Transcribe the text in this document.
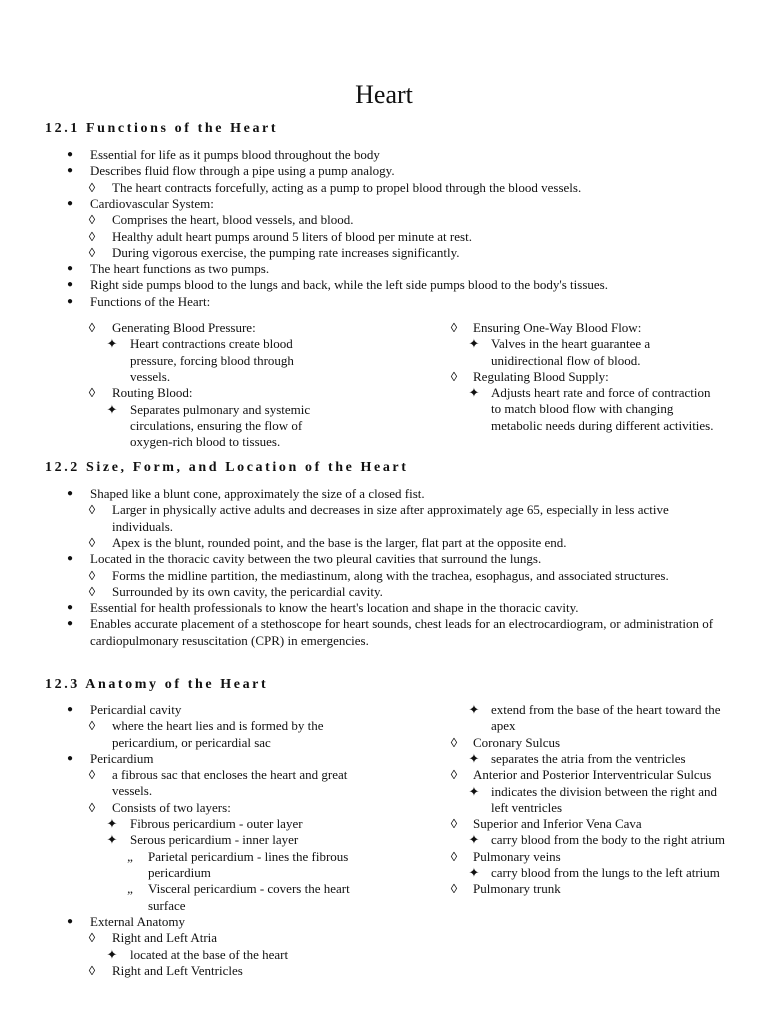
Heart
12.1 Functions of the Heart
●	Essential for life as it pumps blood throughout the body

●	Describes fluid flow through a pipe using a pump analogy.

◊	The heart contracts forcefully, acting as a pump to propel blood through the blood vessels.

●	Cardiovascular System:

◊	Comprises the heart, blood vessels, and blood.

◊	Healthy adult heart pumps around 5 liters of blood per minute at rest.

◊	During vigorous exercise, the pumping rate increases significantly.

●	The heart functions as two pumps.

●	Right side pumps blood to the lungs and back, while the left side pumps blood to the body's tissues.

●	Functions of the Heart:

◊	Generating Blood Pressure:

✦ Heart contractions create blood pressure, forcing blood through vessels.

◊	Routing Blood:

✦ Separates pulmonary and systemic circulations, ensuring the flow of oxygen-rich blood to tissues.

◊	Ensuring One-Way Blood Flow:

✦ Valves in the heart guarantee a unidirectional flow of blood.

◊	Regulating Blood Supply:

✦ Adjusts heart rate and force of contraction to match blood flow with changing metabolic needs during different activities.

12.2 Size, Form, and Location of the Heart
●	Shaped like a blunt cone, approximately the size of a closed fist.

◊	Larger in physically active adults and decreases in size after approximately age 65, especially in less active individuals.

◊	Apex is the blunt, rounded point, and the base is the larger, flat part at the opposite end.

●	Located in the thoracic cavity between the two pleural cavities that surround the lungs.

◊	Forms the midline partition, the mediastinum, along with the trachea, esophagus, and associated structures.

◊	Surrounded by its own cavity, the pericardial cavity.

●	Essential for health professionals to know the heart's location and shape in the thoracic cavity.

●	Enables accurate placement of a stethoscope for heart sounds, chest leads for an electrocardiogram, or administration of cardiopulmonary resuscitation (CPR) in emergencies.

12.3 Anatomy of the Heart
●	Pericardial cavity

◊	where the heart lies and is formed by the pericardium, or pericardial sac

●	Pericardium

◊	a fibrous sac that encloses the heart and great vessels.

◊	Consists of two layers:

✦ Fibrous pericardium - outer layer

✦ Serous pericardium - inner layer

„	Parietal pericardium - lines the fibrous pericardium

„	Visceral pericardium - covers the heart surface

●	External Anatomy

◊	Right and Left Atria

✦ located at the base of the heart

◊	Right and Left Ventricles

✦ extend from the base of the heart toward the apex

◊	Coronary Sulcus

✦ separates the atria from the ventricles

◊	Anterior and Posterior Interventricular Sulcus

✦ indicates the division between the right and left ventricles

◊	Superior and Inferior Vena Cava

✦ carry blood from the body to the right atrium

◊	Pulmonary veins

✦ carry blood from the lungs to the left atrium

◊	Pulmonary trunk
